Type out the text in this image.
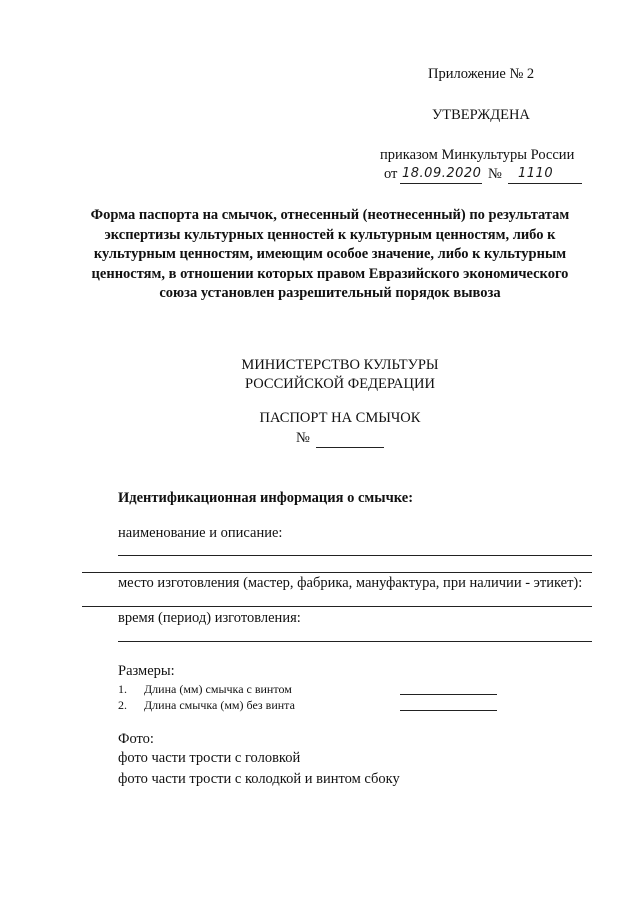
Приложение № 2
УТВЕРЖДЕНА
приказом Минкультуры России
от 18.09.2020 № 1110
Форма паспорта на смычок, отнесенный (неотнесенный) по результатам
экспертизы культурных ценностей к культурным ценностям, либо к
культурным ценностям, имеющим особое значение, либо к культурным
ценностям, в отношении которых правом Евразийского экономического
союза установлен разрешительный порядок вывоза
МИНИСТЕРСТВО КУЛЬТУРЫ
РОССИЙСКОЙ ФЕДЕРАЦИИ
ПАСПОРТ НА СМЫЧОК
№
Идентификационная информация о смычке:
наименование и описание:
место изготовления (мастер, фабрика, мануфактура, при наличии - этикет):
время (период) изготовления:
Размеры:
1. Длина (мм) смычка с винтом
2. Длина смычка (мм) без винта
Фото:
фото части трости с головкой
фото части трости с колодкой и винтом сбоку
